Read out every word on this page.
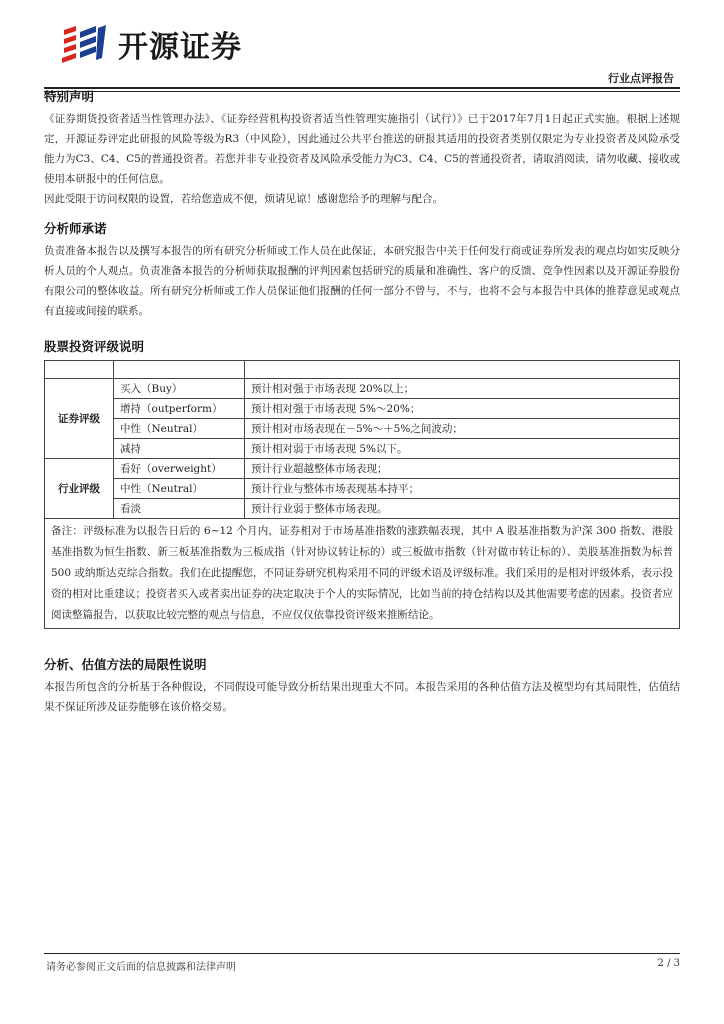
开源证券
行业点评报告
特别声明

《证券期货投资者适当性管理办法》、《证券经营机构投资者适当性管理实施指引（试行）》已于2017年7月1日起正式实施。根据上述规定，开源证券评定此研报的风险等级为R3（中风险），因此通过公共平台推送的研报其适用的投资者类别仅限定为专业投资者及风险承受能力为C3、C4、C5的普通投资者。若您并非专业投资者及风险承受能力为C3、C4、C5的普通投资者，请取消阅读，请勿收藏、接收或使用本研报中的任何信息。

因此受限于访问权限的设置，若给您造成不便，烦请见谅！感谢您给予的理解与配合。

分析师承诺

负责准备本报告以及撰写本报告的所有研究分析师或工作人员在此保证，本研究报告中关于任何发行商或证券所发表的观点均如实反映分析人员的个人观点。负责准备本报告的分析师获取报酬的评判因素包括研究的质量和准确性、客户的反馈、竞争性因素以及开源证券股份有限公司的整体收益。所有研究分析师或工作人员保证他们报酬的任何一部分不曾与，不与，也将不会与本报告中具体的推荐意见或观点有直接或间接的联系。

股票投资评级说明

证券评级	买入（Buy）	预计相对强于市场表现 20%以上；
	增持（outperform）	预计相对强于市场表现 5%～20%；
	中性（Neutral）	预计相对市场表现在－5%～＋5%之间波动；
	减持	预计相对弱于市场表现 5%以下。
行业评级	看好（overweight）	预计行业超越整体市场表现；
	中性（Neutral）	预计行业与整体市场表现基本持平；
	看淡	预计行业弱于整体市场表现。
备注：评级标准为以报告日后的 6~12 个月内，证券相对于市场基准指数的涨跌幅表现，其中 A 股基准指数为沪深 300 指数、港股基准指数为恒生指数、新三板基准指数为三板成指（针对协议转让标的）或三板做市指数（针对做市转让标的）、美股基准指数为标普 500 或纳斯达克综合指数。我们在此提醒您，不同证券研究机构采用不同的评级术语及评级标准。我们采用的是相对评级体系，表示投资的相对比重建议；投资者买入或者卖出证券的决定取决于个人的实际情况，比如当前的持仓结构以及其他需要考虑的因素。投资者应阅读整篇报告，以获取比较完整的观点与信息，不应仅仅依靠投资评级来推断结论。		
分析、估值方法的局限性说明

本报告所包含的分析基于各种假设，不同假设可能导致分析结果出现重大不同。本报告采用的各种估值方法及模型均有其局限性，估值结果不保证所涉及证券能够在该价格交易。

请务必参阅正文后面的信息披露和法律声明	2 / 3
